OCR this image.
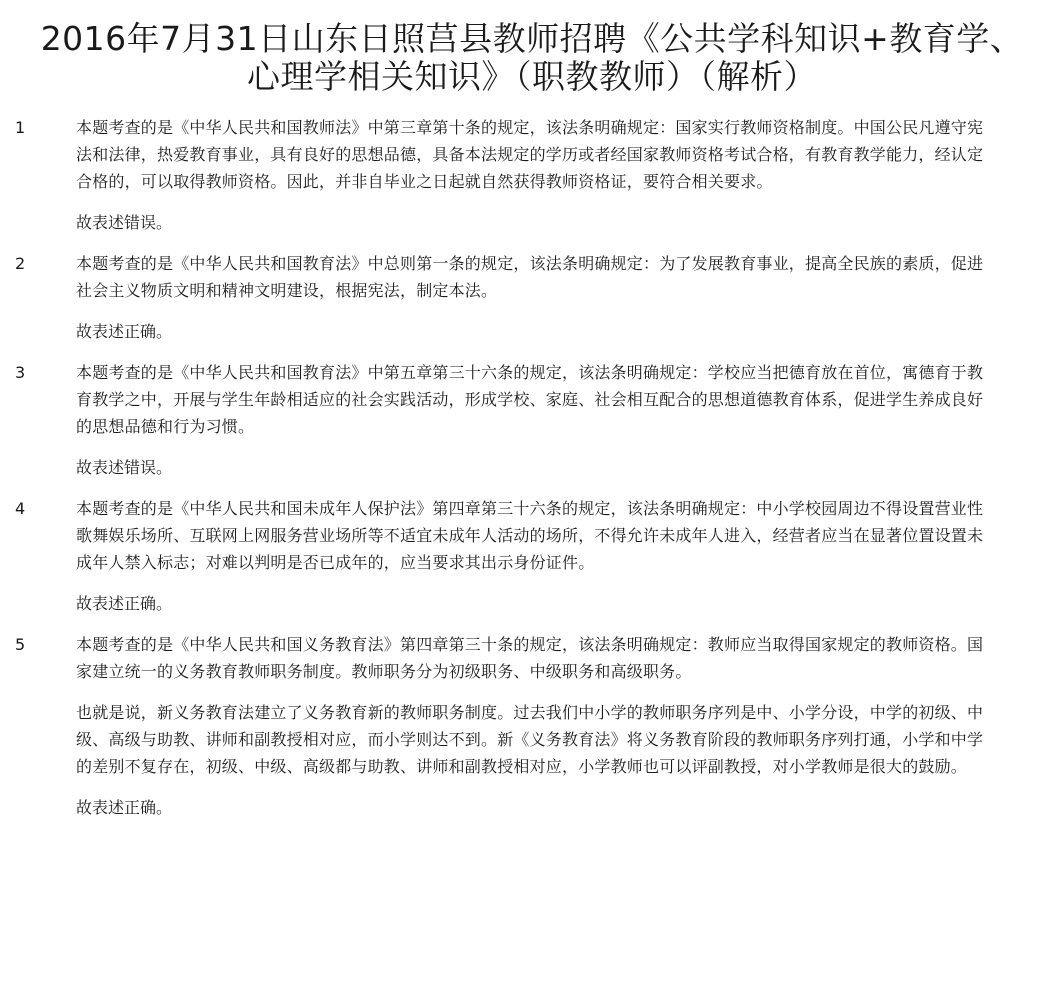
2016年7月31日山东日照莒县教师招聘《公共学科知识+教育学、
心理学相关知识》（职教教师）（解析）
1	本题考查的是《中华人民共和国教师法》中第三章第十条的规定，该法条明确规定：国家实行教师资格制度。中国公民凡遵守宪法和法律，热爱教育事业，具有良好的思想品德，具备本法规定的学历或者经国家教师资格考试合格，有教育教学能力，经认定合格的，可以取得教师资格。因此，并非自毕业之日起就自然获得教师资格证，要符合相关要求。

故表述错误。

2	本题考查的是《中华人民共和国教育法》中总则第一条的规定，该法条明确规定：为了发展教育事业，提高全民族的素质，促进社会主义物质文明和精神文明建设，根据宪法，制定本法。

故表述正确。

3	本题考查的是《中华人民共和国教育法》中第五章第三十六条的规定，该法条明确规定：学校应当把德育放在首位，寓德育于教育教学之中，开展与学生年龄相适应的社会实践活动，形成学校、家庭、社会相互配合的思想道德教育体系，促进学生养成良好的思想品德和行为习惯。

故表述错误。

4	本题考查的是《中华人民共和国未成年人保护法》第四章第三十六条的规定，该法条明确规定：中小学校园周边不得设置营业性歌舞娱乐场所、互联网上网服务营业场所等不适宜未成年人活动的场所，不得允许未成年人进入，经营者应当在显著位置设置未成年人禁入标志；对难以判明是否已成年的，应当要求其出示身份证件。

故表述正确。

5	本题考查的是《中华人民共和国义务教育法》第四章第三十条的规定，该法条明确规定：教师应当取得国家规定的教师资格。国家建立统一的义务教育教师职务制度。教师职务分为初级职务、中级职务和高级职务。

也就是说，新义务教育法建立了义务教育新的教师职务制度。过去我们中小学的教师职务序列是中、小学分设，中学的初级、中级、高级与助教、讲师和副教授相对应，而小学则达不到。新《义务教育法》将义务教育阶段的教师职务序列打通，小学和中学的差别不复存在，初级、中级、高级都与助教、讲师和副教授相对应，小学教师也可以评副教授，对小学教师是很大的鼓励。

故表述正确。
